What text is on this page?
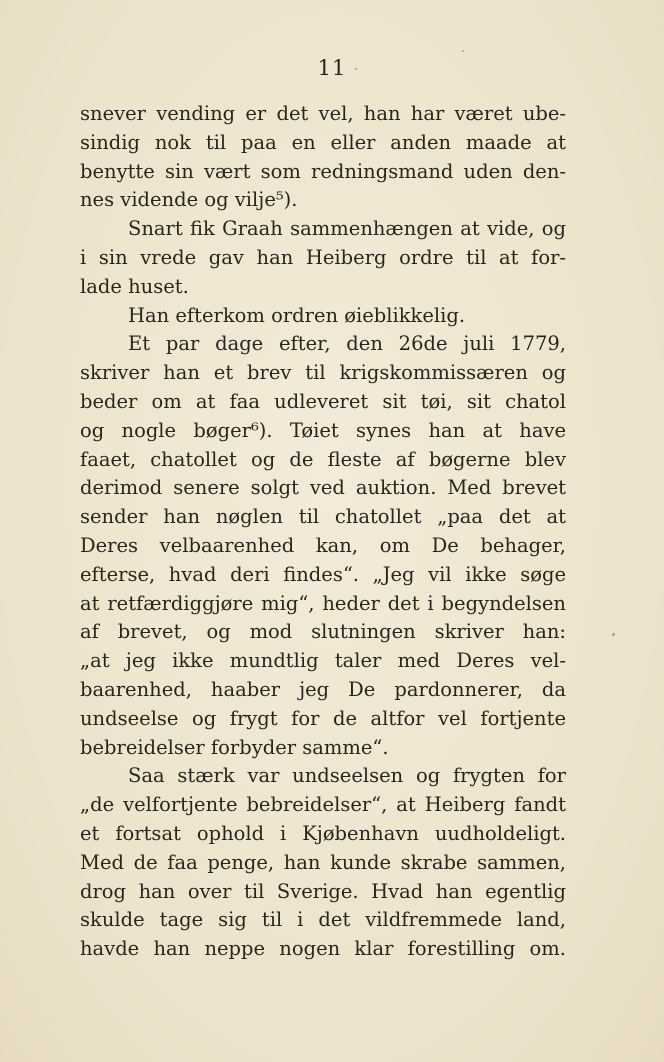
11
snever vending er det vel, han har været ube-
sindig nok til paa en eller anden maade at
benytte sin vært som redningsmand uden den-
nes vidende og vilje⁵).
Snart fik Graah sammenhængen at vide, og
i sin vrede gav han Heiberg ordre til at for-
lade huset.
Han efterkom ordren øieblikkelig.
Et par dage efter, den 26de juli 1779,
skriver han et brev til krigskommissæren og
beder om at faa udleveret sit tøi, sit chatol
og nogle bøger⁶). Tøiet synes han at have
faaet, chatollet og de fleste af bøgerne blev
derimod senere solgt ved auktion. Med brevet
sender han nøglen til chatollet „paa det at
Deres velbaarenhed kan, om De behager,
efterse, hvad deri findes“. „Jeg vil ikke søge
at retfærdiggjøre mig“, heder det i begyndelsen
af brevet, og mod slutningen skriver han:
„at jeg ikke mundtlig taler med Deres vel-
baarenhed, haaber jeg De pardonnerer, da
undseelse og frygt for de altfor vel fortjente
bebreidelser forbyder samme“.
Saa stærk var undseelsen og frygten for
„de velfortjente bebreidelser“, at Heiberg fandt
et fortsat ophold i Kjøbenhavn uudholdeligt.
Med de faa penge, han kunde skrabe sammen,
drog han over til Sverige. Hvad han egentlig
skulde tage sig til i det vildfremmede land,
havde han neppe nogen klar forestilling om.
